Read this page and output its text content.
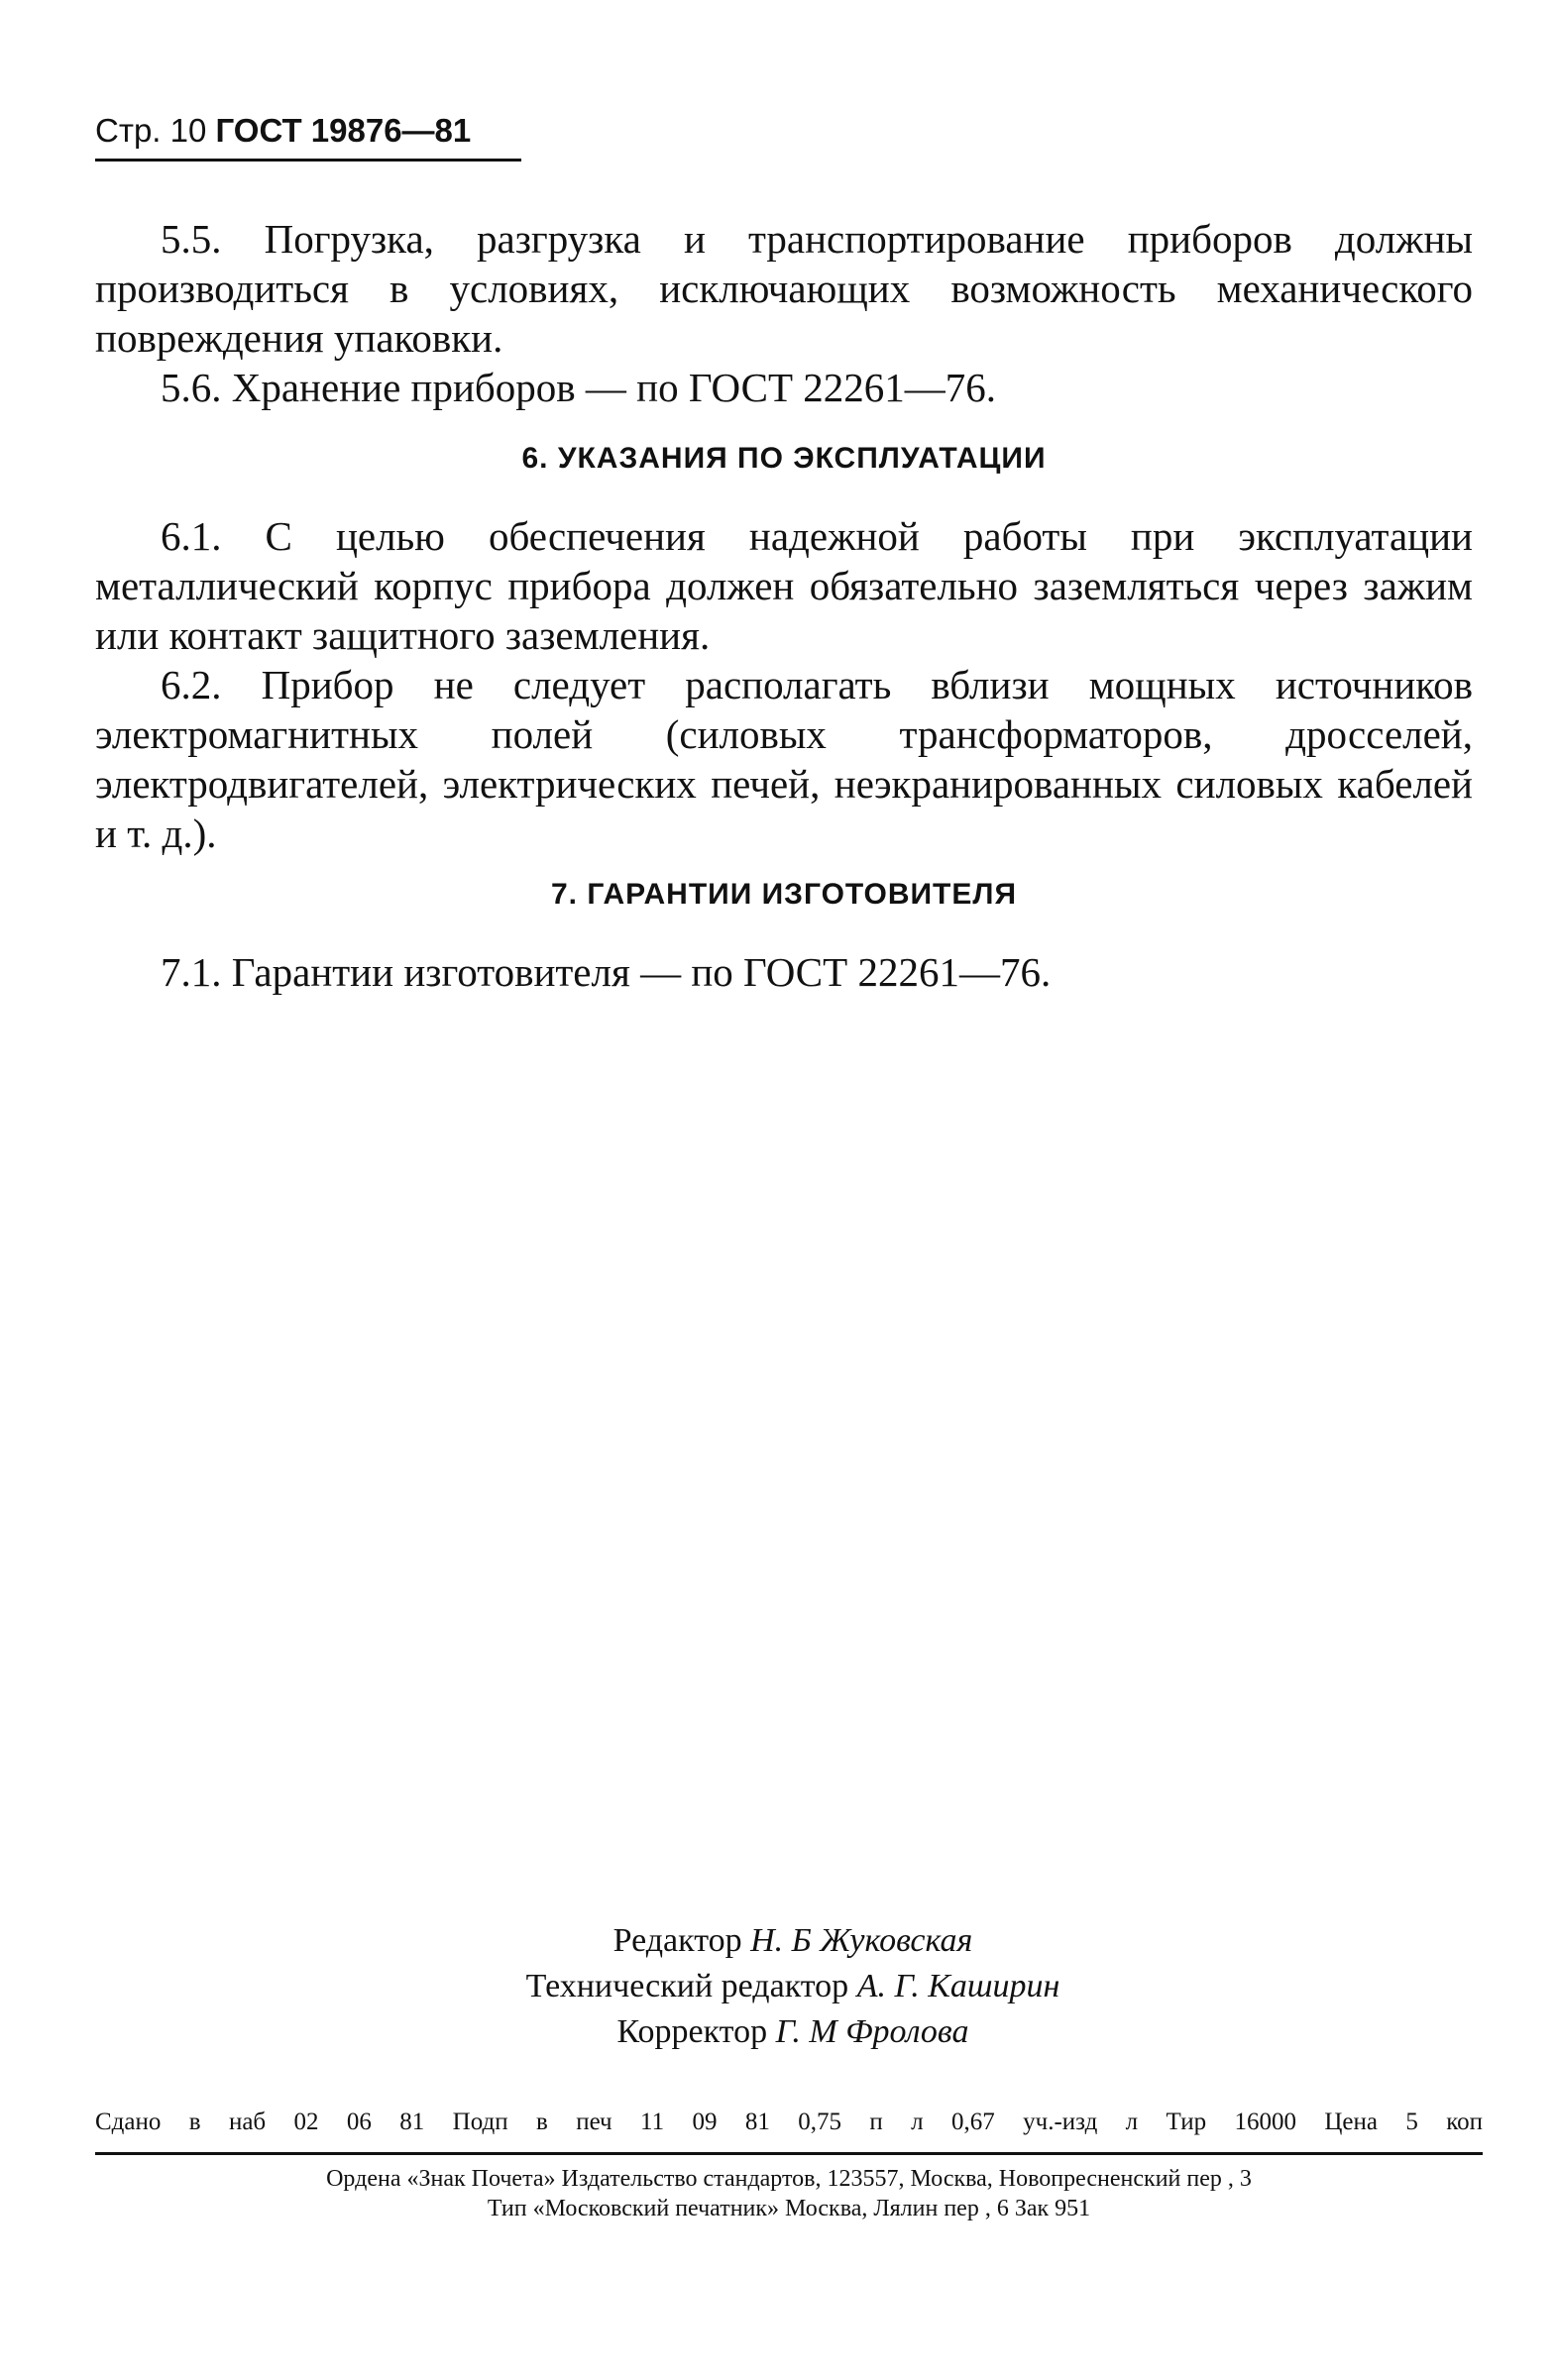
Стр. 10 ГОСТ 19876—81

5.5. Погрузка, разгрузка и транспортирование приборов должны производиться в условиях, исключающих возможность механического повреждения упаковки.

5.6. Хранение приборов — по ГОСТ 22261—76.

6. УКАЗАНИЯ ПО ЭКСПЛУАТАЦИИ

6.1. С целью обеспечения надежной работы при эксплуатации металлический корпус прибора должен обязательно заземляться через зажим или контакт защитного заземления.

6.2. Прибор не следует располагать вблизи мощных источников электромагнитных полей (силовых трансформаторов, дросселей, электродвигателей, электрических печей, неэкранированных силовых кабелей и т. д.).

7. ГАРАНТИИ ИЗГОТОВИТЕЛЯ

7.1. Гарантии изготовителя — по ГОСТ 22261—76.

Редактор Н. Б Жуковская
Технический редактор А. Г. Каширин
Корректор Г. М Фролова
Сдано в наб 02 06 81 Подп в печ 11 09 81 0,75 п л 0,67 уч.-изд л Тир 16000 Цена 5 коп
Ордена «Знак Почета» Издательство стандартов, 123557, Москва, Новопресненский пер , 3
Тип «Московский печатник» Москва, Лялин пер , 6 Зак 951
